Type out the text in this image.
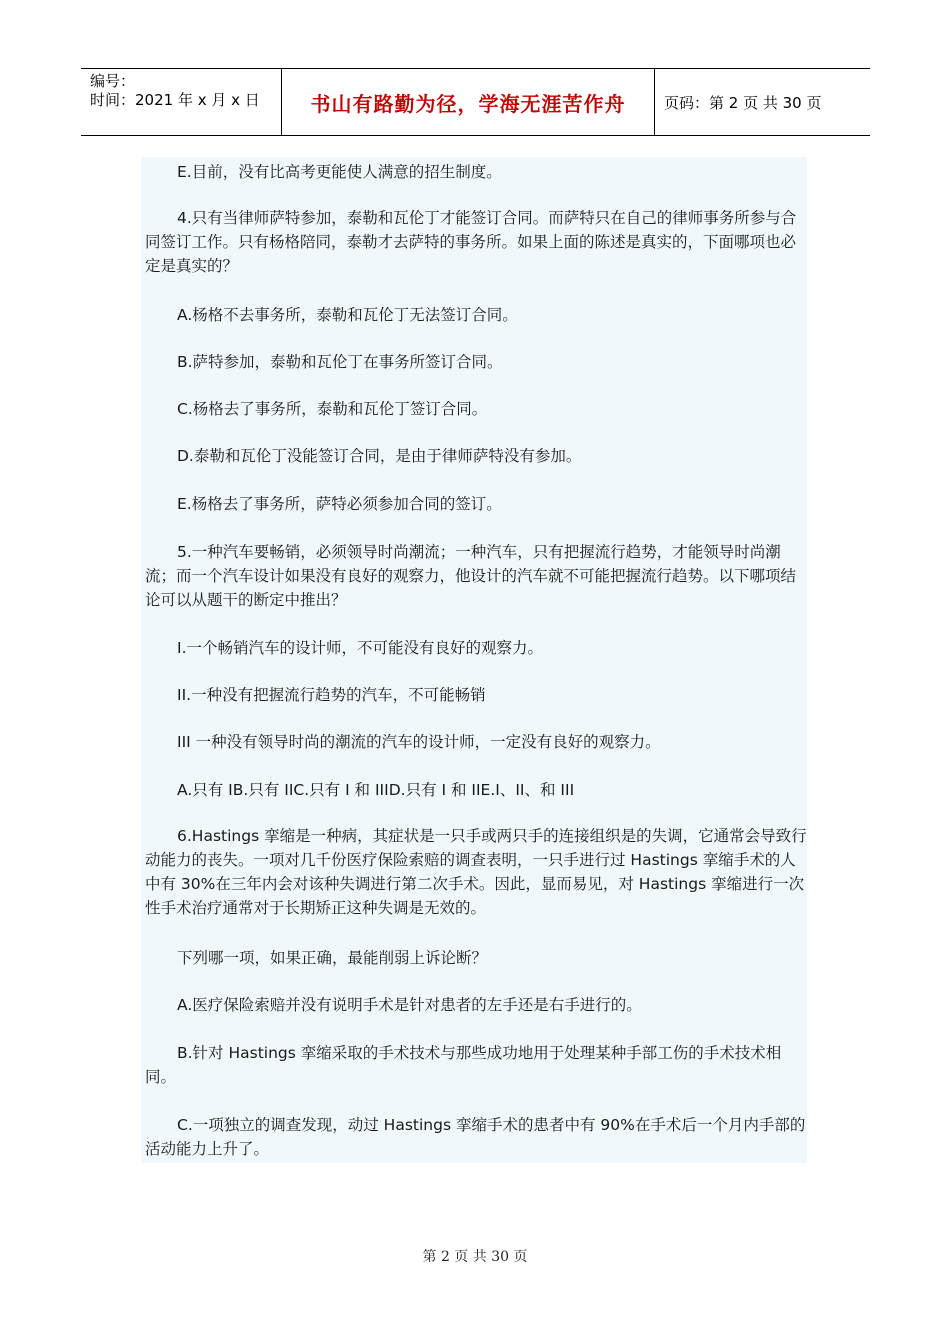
编号：
时间：2021 年 x 月 x 日	书山有路勤为径，学海无涯苦作舟	页码：第 2 页 共 30 页
E.目前，没有比高考更能使人满意的招生制度。
4.只有当律师萨特参加，泰勒和瓦伦丁才能签订合同。而萨特只在自己的律师事务所参与合同签订工作。只有杨格陪同，泰勒才去萨特的事务所。如果上面的陈述是真实的，下面哪项也必定是真实的？
A.杨格不去事务所，泰勒和瓦伦丁无法签订合同。
B.萨特参加，泰勒和瓦伦丁在事务所签订合同。
C.杨格去了事务所，泰勒和瓦伦丁签订合同。
D.泰勒和瓦伦丁没能签订合同，是由于律师萨特没有参加。
E.杨格去了事务所，萨特必须参加合同的签订。
5.一种汽车要畅销，必须领导时尚潮流；一种汽车，只有把握流行趋势，才能领导时尚潮流；而一个汽车设计如果没有良好的观察力，他设计的汽车就不可能把握流行趋势。以下哪项结论可以从题干的断定中推出？
I.一个畅销汽车的设计师，不可能没有良好的观察力。
II.一种没有把握流行趋势的汽车，不可能畅销
III 一种没有领导时尚的潮流的汽车的设计师，一定没有良好的观察力。
A.只有 IB.只有 IIC.只有 I 和 IIID.只有 I 和 IIE.I、II、和 III
6.Hastings 挛缩是一种病，其症状是一只手或两只手的连接组织是的失调，它通常会导致行动能力的丧失。一项对几千份医疗保险索赔的调查表明，一只手进行过 Hastings 挛缩手术的人中有 30%在三年内会对该种失调进行第二次手术。因此，显而易见，对 Hastings 挛缩进行一次性手术治疗通常对于长期矫正这种失调是无效的。
下列哪一项，如果正确，最能削弱上诉论断？
A.医疗保险索赔并没有说明手术是针对患者的左手还是右手进行的。
B.针对 Hastings 挛缩采取的手术技术与那些成功地用于处理某种手部工伤的手术技术相同。
C.一项独立的调查发现，动过 Hastings 挛缩手术的患者中有 90%在手术后一个月内手部的活动能力上升了。
第 2 页 共 30 页
